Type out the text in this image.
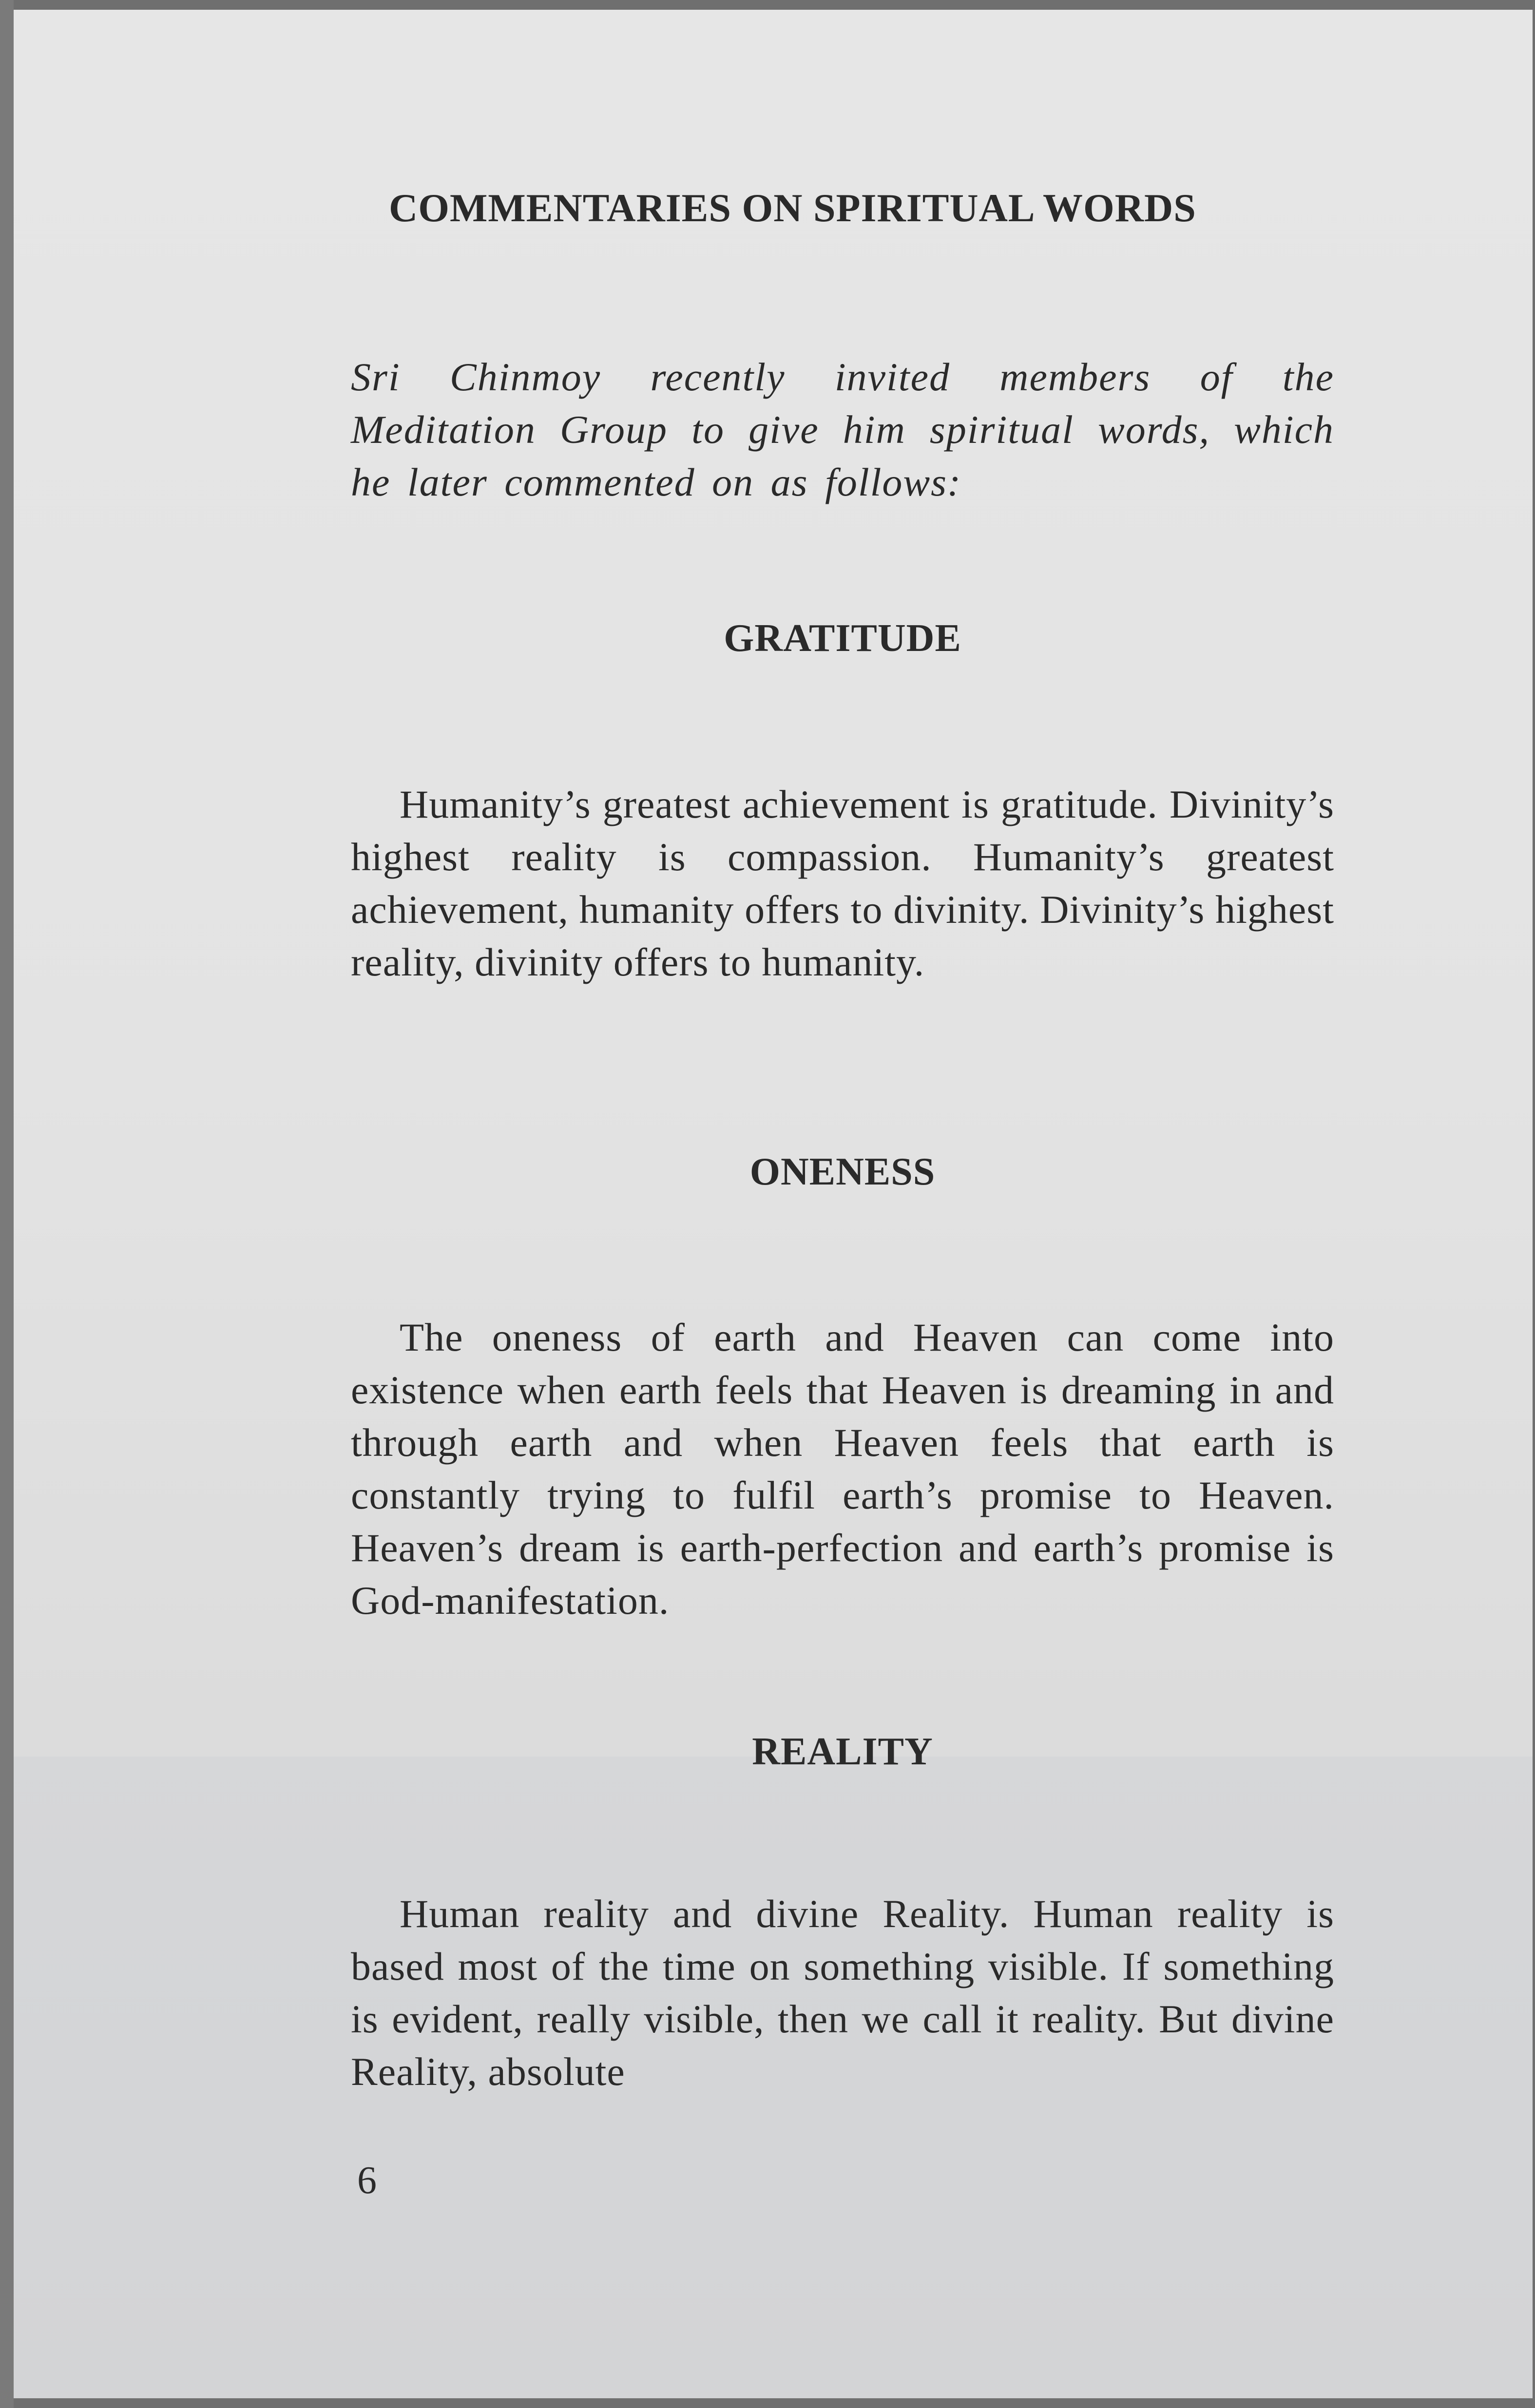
COMMENTARIES ON SPIRITUAL WORDS

Sri Chinmoy recently invited members of the Meditation Group to give him spiritual words, which he later commented on as follows:

GRATITUDE

Humanity’s greatest achievement is gratitude. Divinity’s highest reality is compassion. Humanity’s greatest achievement, humanity offers to divinity. Divinity’s highest reality, divinity offers to humanity.

ONENESS

The oneness of earth and Heaven can come into existence when earth feels that Heaven is dreaming in and through earth and when Heaven feels that earth is constantly trying to fulfil earth’s promise to Heaven. Heaven’s dream is earth-perfection and earth’s promise is God-manifestation.

REALITY

Human reality and divine Reality. Human reality is based most of the time on something visible. If something is evident, really visible, then we call it reality. But divine Reality, absolute

6
